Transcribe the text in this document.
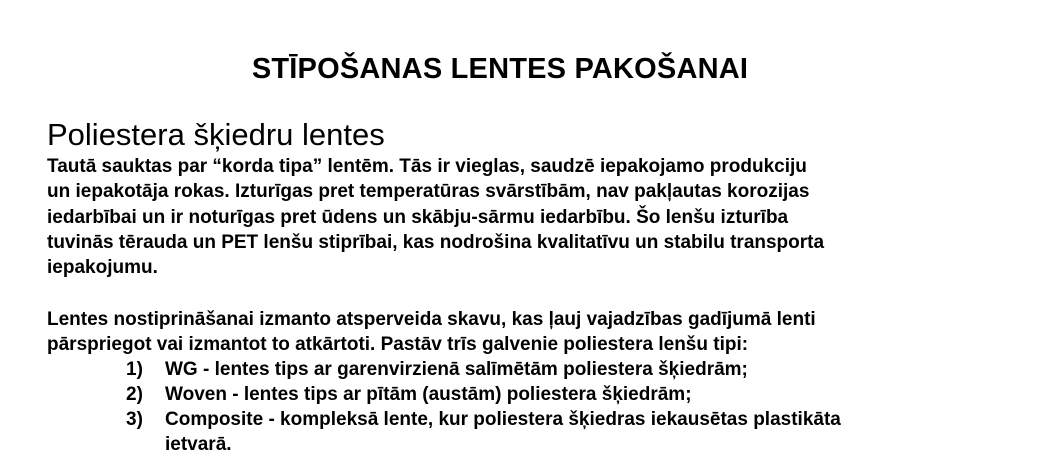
STĪPOŠANAS LENTES PAKOŠANAI
Poliestera šķiedru lentes

Tautā sauktas par “korda tipa” lentēm. Tās ir vieglas, saudzē iepakojamo produkciju
un iepakotāja rokas. Izturīgas pret temperatūras svārstībām, nav pakļautas korozijas
iedarbībai un ir noturīgas pret ūdens un skābju-sārmu iedarbību. Šo lenšu izturība
tuvinās tērauda un PET lenšu stiprībai, kas nodrošina kvalitatīvu un stabilu transporta
iepakojumu.

Lentes nostiprināšanai izmanto atsperveida skavu, kas ļauj vajadzības gadījumā lenti
pārspriegot vai izmantot to atkārtoti. Pastāv trīs galvenie poliestera lenšu tipi:

1) WG - lentes tips ar garenvirzienā salīmētām poliestera šķiedrām;
2) Woven - lentes tips ar pītām (austām) poliestera šķiedrām;
3) Composite - kompleksā lente, kur poliestera šķiedras iekausētas plastikāta
ietvarā.
